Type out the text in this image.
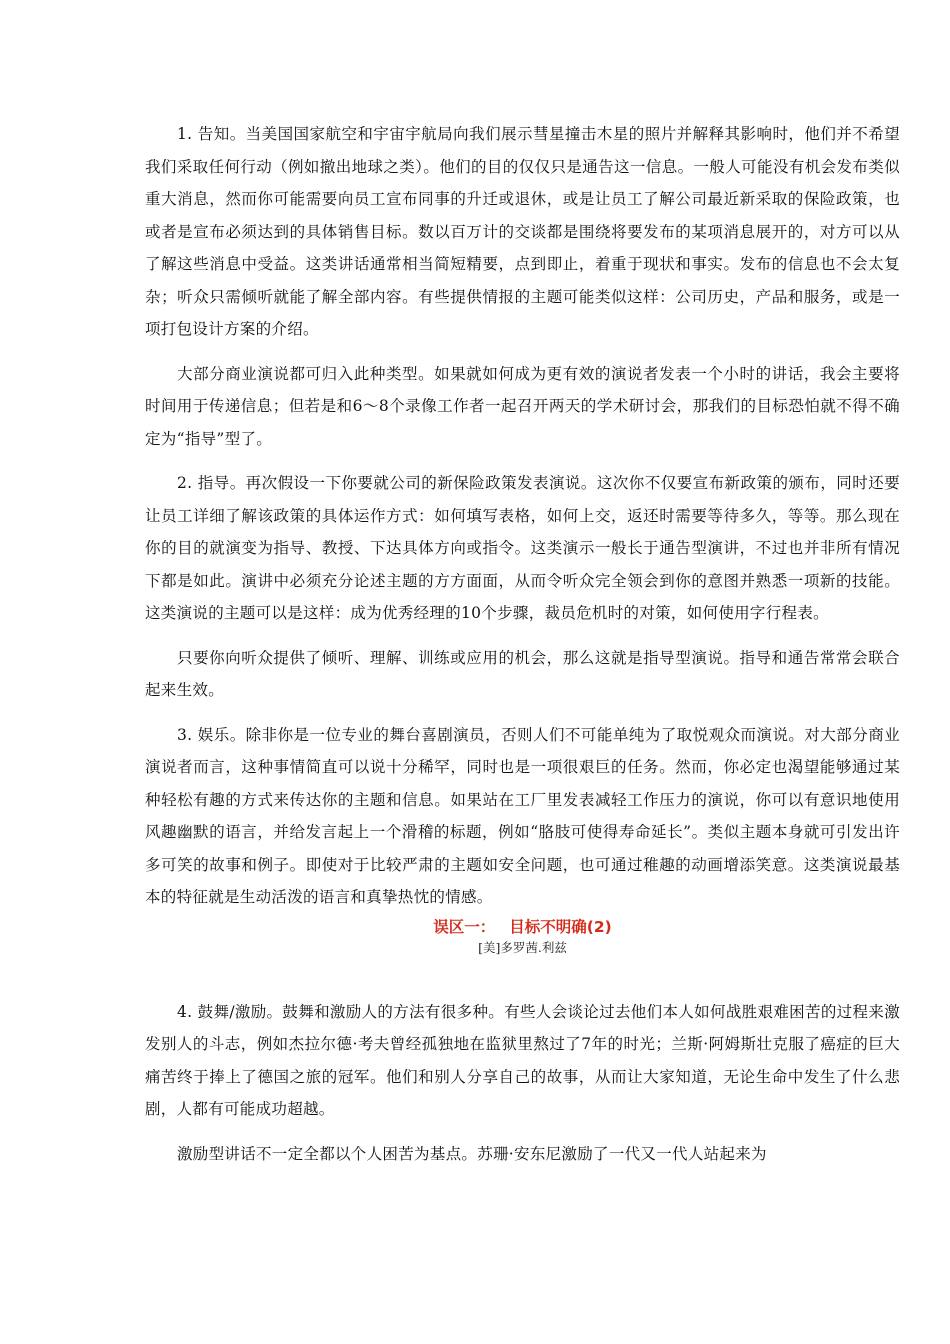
1. 告知。当美国国家航空和宇宙宇航局向我们展示彗星撞击木星的照片并解释其影响时，他们并不希望我们采取任何行动（例如撤出地球之类）。他们的目的仅仅只是通告这一信息。一般人可能没有机会发布类似重大消息，然而你可能需要向员工宣布同事的升迁或退休，或是让员工了解公司最近新采取的保险政策，也或者是宣布必须达到的具体销售目标。数以百万计的交谈都是围绕将要发布的某项消息展开的，对方可以从了解这些消息中受益。这类讲话通常相当简短精要，点到即止，着重于现状和事实。发布的信息也不会太复杂；听众只需倾听就能了解全部内容。有些提供情报的主题可能类似这样：公司历史，产品和服务，或是一项打包设计方案的介绍。

大部分商业演说都可归入此种类型。如果就如何成为更有效的演说者发表一个小时的讲话，我会主要将时间用于传递信息；但若是和6～8个录像工作者一起召开两天的学术研讨会，那我们的目标恐怕就不得不确定为“指导”型了。

2. 指导。再次假设一下你要就公司的新保险政策发表演说。这次你不仅要宣布新政策的颁布，同时还要让员工详细了解该政策的具体运作方式：如何填写表格，如何上交，返还时需要等待多久，等等。那么现在你的目的就演变为指导、教授、下达具体方向或指令。这类演示一般长于通告型演讲，不过也并非所有情况下都是如此。演讲中必须充分论述主题的方方面面，从而令听众完全领会到你的意图并熟悉一项新的技能。这类演说的主题可以是这样：成为优秀经理的10个步骤，裁员危机时的对策，如何使用字行程表。

只要你向听众提供了倾听、理解、训练或应用的机会，那么这就是指导型演说。指导和通告常常会联合起来生效。

3. 娱乐。除非你是一位专业的舞台喜剧演员，否则人们不可能单纯为了取悦观众而演说。对大部分商业演说者而言，这种事情简直可以说十分稀罕，同时也是一项很艰巨的任务。然而，你必定也渴望能够通过某种轻松有趣的方式来传达你的主题和信息。如果站在工厂里发表减轻工作压力的演说，你可以有意识地使用风趣幽默的语言，并给发言起上一个滑稽的标题，例如“胳肢可使得寿命延长”。类似主题本身就可引发出许多可笑的故事和例子。即使对于比较严肃的主题如安全问题，也可通过稚趣的动画增添笑意。这类演说最基本的特征就是生动活泼的语言和真挚热忱的情感。

误区一： 目标不明确(2)

[美]多罗茜.利兹

4. 鼓舞/激励。鼓舞和激励人的方法有很多种。有些人会谈论过去他们本人如何战胜艰难困苦的过程来激发别人的斗志，例如杰拉尔德·考夫曾经孤独地在监狱里熬过了7年的时光；兰斯·阿姆斯壮克服了癌症的巨大痛苦终于捧上了德国之旅的冠军。他们和别人分享自己的故事，从而让大家知道，无论生命中发生了什么悲剧，人都有可能成功超越。

激励型讲话不一定全都以个人困苦为基点。苏珊·安东尼激励了一代又一代人站起来为
